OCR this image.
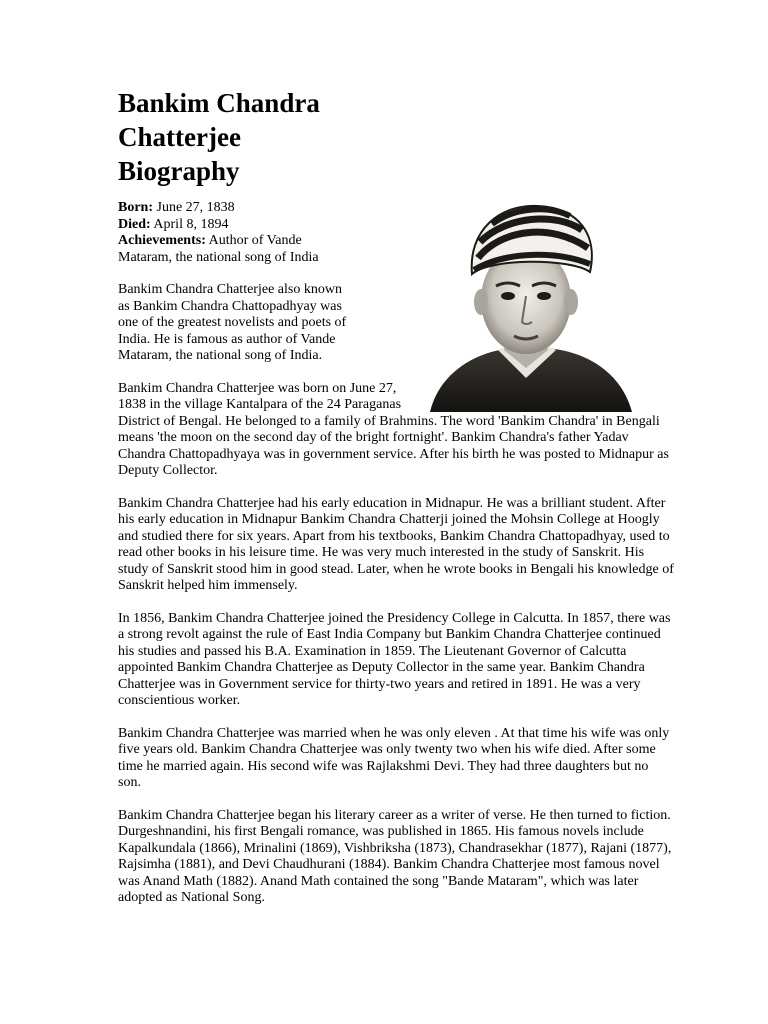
Bankim Chandra Chatterjee Biography
Born: June 27, 1838
Died: April 8, 1894
Achievements: Author of Vande Mataram, the national song of India

Bankim Chandra Chatterjee also known as Bankim Chandra Chattopadhyay was one of the greatest novelists and poets of India. He is famous as author of Vande Mataram, the national song of India.

Bankim Chandra Chatterjee was born on June 27, 1838 in the village Kantalpara of the 24 Paraganas District of Bengal. He belonged to a family of Brahmins. The word 'Bankim Chandra' in Bengali means 'the moon on the second day of the bright fortnight'. Bankim Chandra's father Yadav Chandra Chattopadhyaya was in government service. After his birth he was posted to Midnapur as Deputy Collector.

Bankim Chandra Chatterjee had his early education in Midnapur. He was a brilliant student. After his early education in Midnapur Bankim Chandra Chatterji joined the Mohsin College at Hoogly and studied there for six years. Apart from his textbooks, Bankim Chandra Chattopadhyay, used to read other books in his leisure time. He was very much interested in the study of Sanskrit. His study of Sanskrit stood him in good stead. Later, when he wrote books in Bengali his knowledge of Sanskrit helped him immensely.

In 1856, Bankim Chandra Chatterjee joined the Presidency College in Calcutta. In 1857, there was a strong revolt against the rule of East India Company but Bankim Chandra Chatterjee continued his studies and passed his B.A. Examination in 1859. The Lieutenant Governor of Calcutta appointed Bankim Chandra Chatterjee as Deputy Collector in the same year. Bankim Chandra Chatterjee was in Government service for thirty-two years and retired in 1891. He was a very conscientious worker.

Bankim Chandra Chatterjee was married when he was only eleven . At that time his wife was only five years old. Bankim Chandra Chatterjee was only twenty two when his wife died. After some time he married again. His second wife was Rajlakshmi Devi. They had three daughters but no son.

Bankim Chandra Chatterjee began his literary career as a writer of verse. He then turned to fiction. Durgeshnandini, his first Bengali romance, was published in 1865. His famous novels include Kapalkundala (1866), Mrinalini (1869), Vishbriksha (1873), Chandrasekhar (1877), Rajani (1877), Rajsimha (1881), and Devi Chaudhurani (1884). Bankim Chandra Chatterjee most famous novel was Anand Math (1882). Anand Math contained the song "Bande Mataram", which was later adopted as National Song.
